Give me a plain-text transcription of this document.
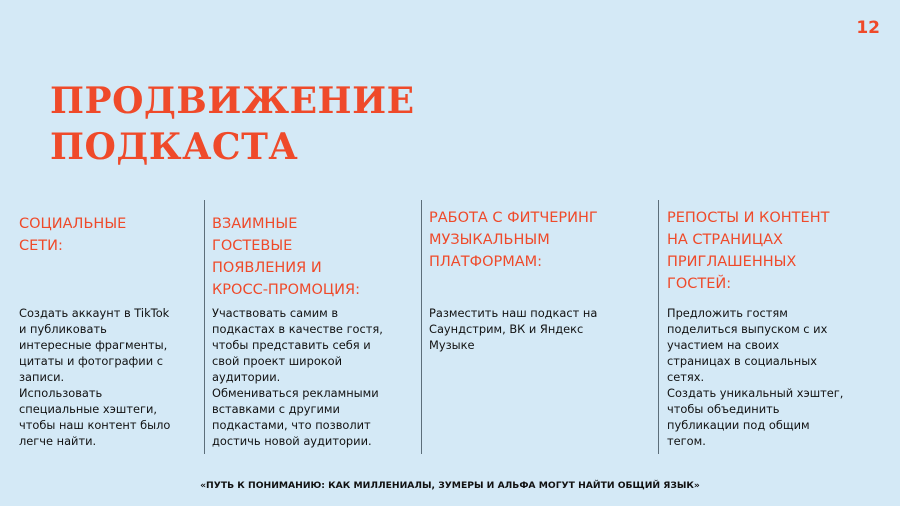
12
ПРОДВИЖЕНИЕ
ПОДКАСТА
СОЦИАЛЬНЫЕ
СЕТИ:

Создать аккаунт в TikTok
и публиковать
интересные фрагменты,
цитаты и фотографии с
записи.
Использовать
специальные хэштеги,
чтобы наш контент было
легче найти.

ВЗАИМНЫЕ
ГОСТЕВЫЕ
ПОЯВЛЕНИЯ И
КРОСС-ПРОМОЦИЯ:

Участвовать самим в
подкастах в качестве гостя,
чтобы представить себя и
свой проект широкой
аудитории.
Обмениваться рекламными
вставками с другими
подкастами, что позволит
достичь новой аудитории.

РАБОТА С ФИТЧЕРИНГ
МУЗЫКАЛЬНЫМ
ПЛАТФОРМАМ:

Разместить наш подкаст на
Саундстрим, ВК и Яндекс
Музыке

РЕПОСТЫ И КОНТЕНТ
НА СТРАНИЦАХ
ПРИГЛАШЕННЫХ
ГОСТЕЙ:

Предложить гостям
поделиться выпуском с их
участием на своих
страницах в социальных
сетях.
Создать уникальный хэштег,
чтобы объединить
публикации под общим
тегом.

«ПУТЬ К ПОНИМАНИЮ: КАК МИЛЛЕНИАЛЫ, ЗУМЕРЫ И АЛЬФА МОГУТ НАЙТИ ОБЩИЙ ЯЗЫК»
